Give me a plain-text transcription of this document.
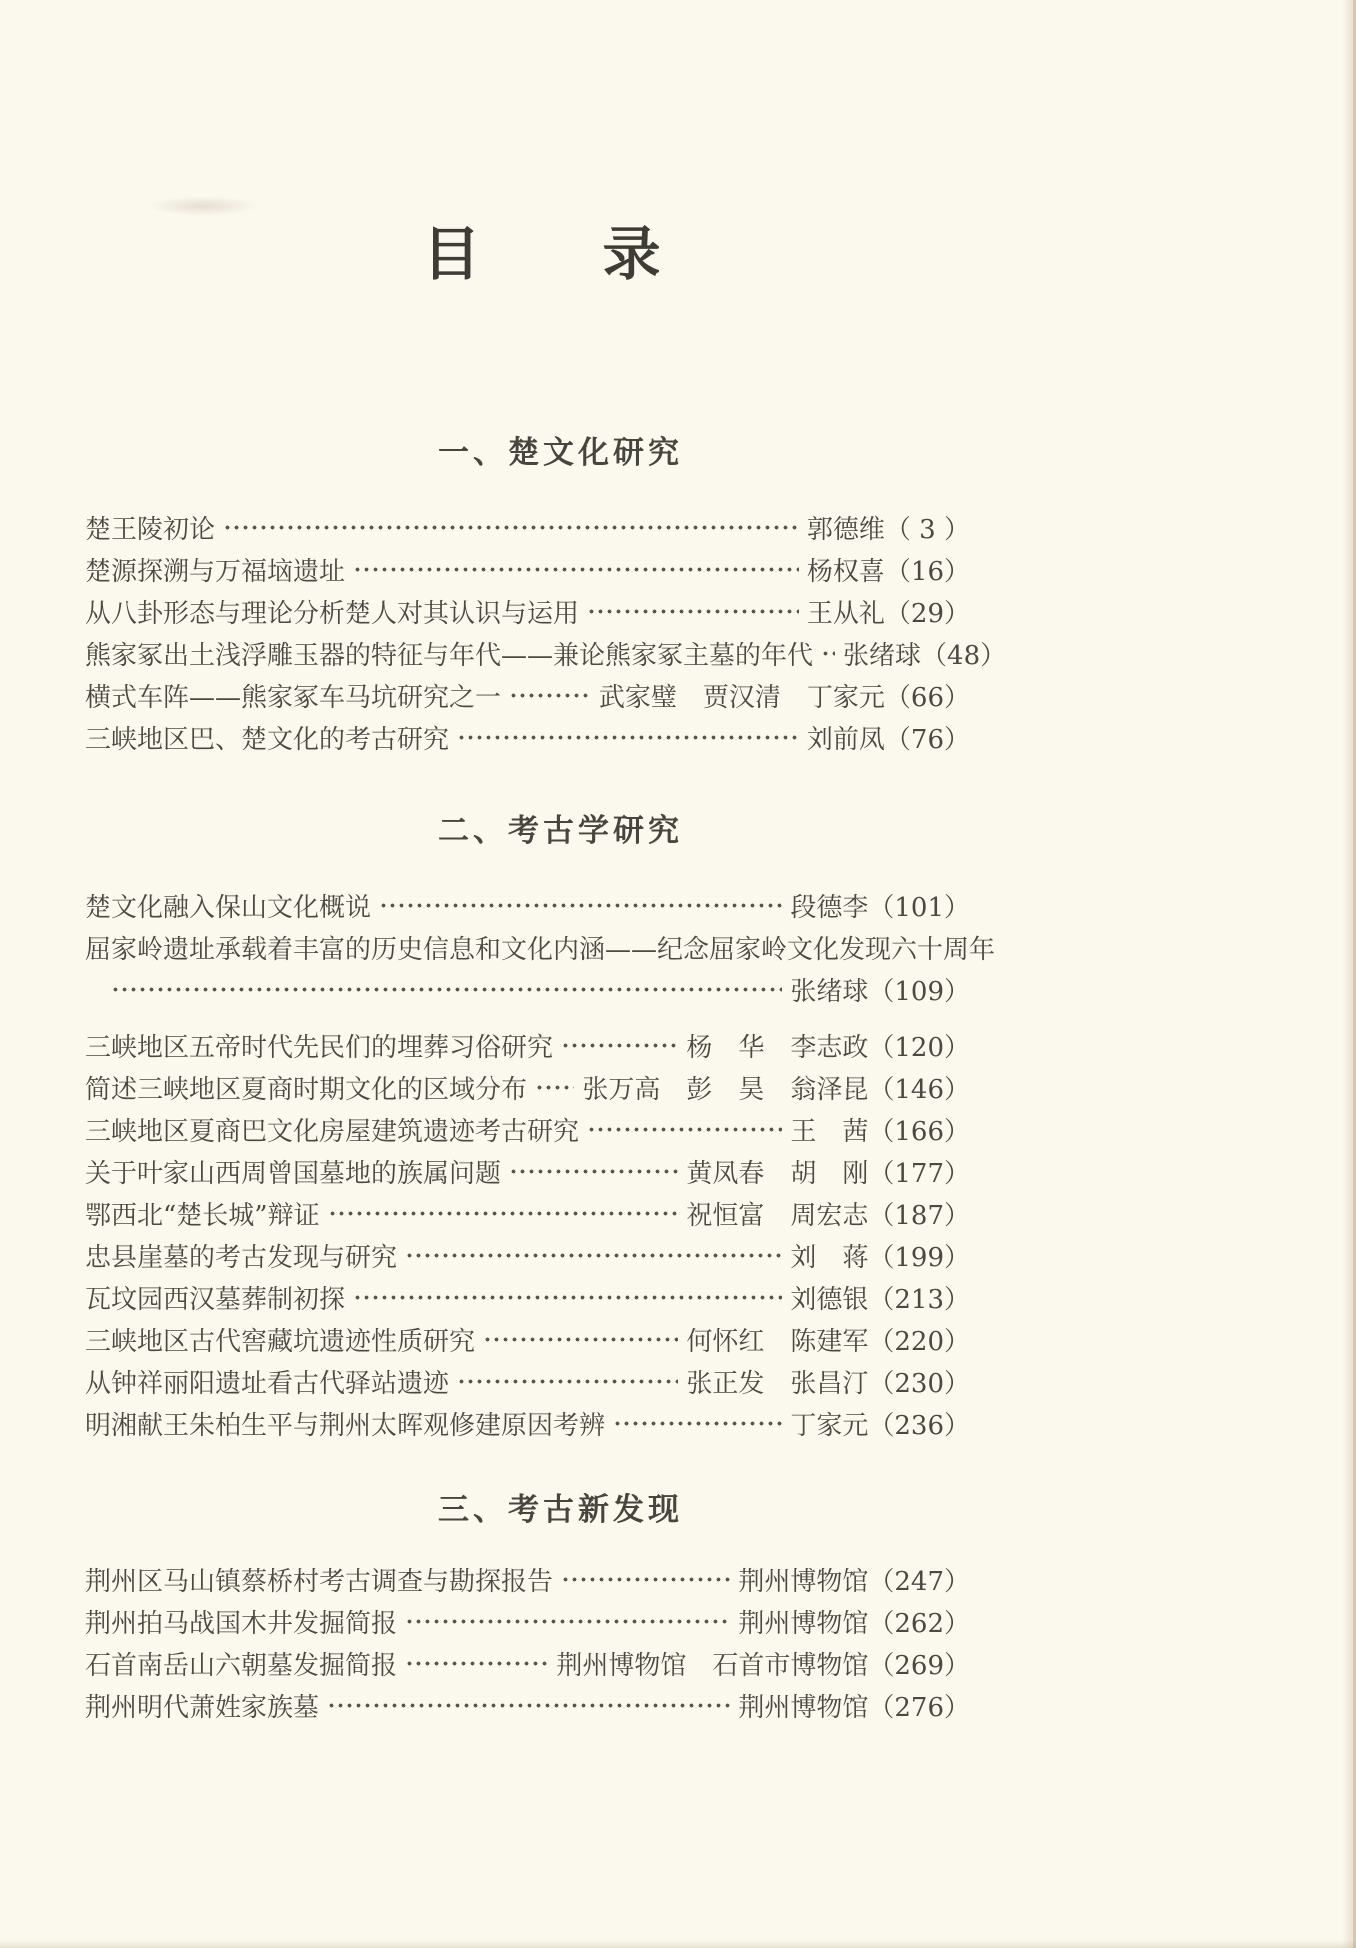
目　　录
一、楚文化研究
楚王陵初论	郭德维 （ 3 ）
楚源探溯与万福垴遗址	杨权喜 （16）
从八卦形态与理论分析楚人对其认识与运用	王从礼 （29）
熊家冢出土浅浮雕玉器的特征与年代——兼论熊家冢主墓的年代 张绪球 （48）
横式车阵——熊家冢车马坑研究之一	武家璧　贾汉清　丁家元 （66）
三峡地区巴、楚文化的考古研究	刘前凤 （76）
二、考古学研究
楚文化融入保山文化概说	段德李 （101）
屈家岭遗址承载着丰富的历史信息和文化内涵——纪念屈家岭文化发现六十周年
张绪球 （109）
三峡地区五帝时代先民们的埋葬习俗研究	杨　华　李志政 （120）
简述三峡地区夏商时期文化的区域分布 张万高　彭　昊　翁泽昆 （146）
三峡地区夏商巴文化房屋建筑遗迹考古研究	王　茜 （166）
关于叶家山西周曾国墓地的族属问题	黄凤春　胡　刚 （177）
鄂西北“楚长城”辩证	祝恒富　周宏志 （187）
忠县崖墓的考古发现与研究	刘　蒋 （199）
瓦坟园西汉墓葬制初探	刘德银 （213）
三峡地区古代窖藏坑遗迹性质研究	何怀红　陈建军 （220）
从钟祥丽阳遗址看古代驿站遗迹	张正发　张昌汀 （230）
明湘献王朱柏生平与荆州太晖观修建原因考辨	丁家元 （236）
三、考古新发现
荆州区马山镇蔡桥村考古调查与勘探报告	荆州博物馆 （247）
荆州拍马战国木井发掘简报	荆州博物馆 （262）
石首南岳山六朝墓发掘简报	荆州博物馆　石首市博物馆 （269）
荆州明代萧姓家族墓	荆州博物馆 （276）
